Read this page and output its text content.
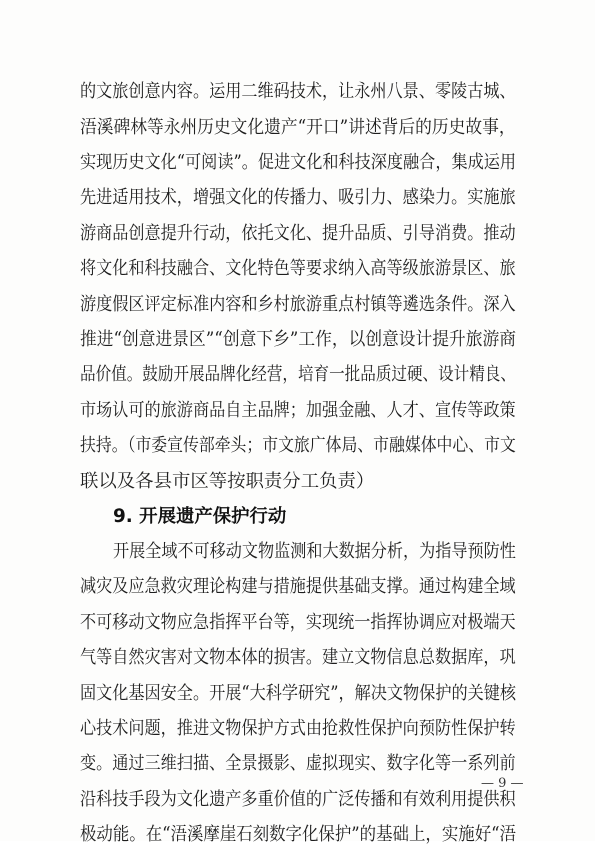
的文旅创意内容。运用二维码技术，让永州八景、零陵古城、
浯溪碑林等永州历史文化遗产“开口”讲述背后的历史故事，
实现历史文化“可阅读”。促进文化和科技深度融合，集成运用
先进适用技术，增强文化的传播力、吸引力、感染力。实施旅
游商品创意提升行动，依托文化、提升品质、引导消费。推动
将文化和科技融合、文化特色等要求纳入高等级旅游景区、旅
游度假区评定标准内容和乡村旅游重点村镇等遴选条件。深入
推进“创意进景区”“创意下乡”工作，以创意设计提升旅游商
品价值。鼓励开展品牌化经营，培育一批品质过硬、设计精良、
市场认可的旅游商品自主品牌；加强金融、人才、宣传等政策
扶持。（市委宣传部牵头；市文旅广体局、市融媒体中心、市文
联以及各县市区等按职责分工负责）
9. 开展遗产保护行动
开展全域不可移动文物监测和大数据分析，为指导预防性
减灾及应急救灾理论构建与措施提供基础支撑。通过构建全域
不可移动文物应急指挥平台等，实现统一指挥协调应对极端天
气等自然灾害对文物本体的损害。建立文物信息总数据库，巩
固文化基因安全。开展“大科学研究”，解决文物保护的关键核
心技术问题，推进文物保护方式由抢救性保护向预防性保护转
变。通过三维扫描、全景摄影、虚拟现实、数字化等一系列前
沿科技手段为文化遗产多重价值的广泛传播和有效利用提供积
极动能。在“浯溪摩崖石刻数字化保护”的基础上，实施好“浯
— 9 —
